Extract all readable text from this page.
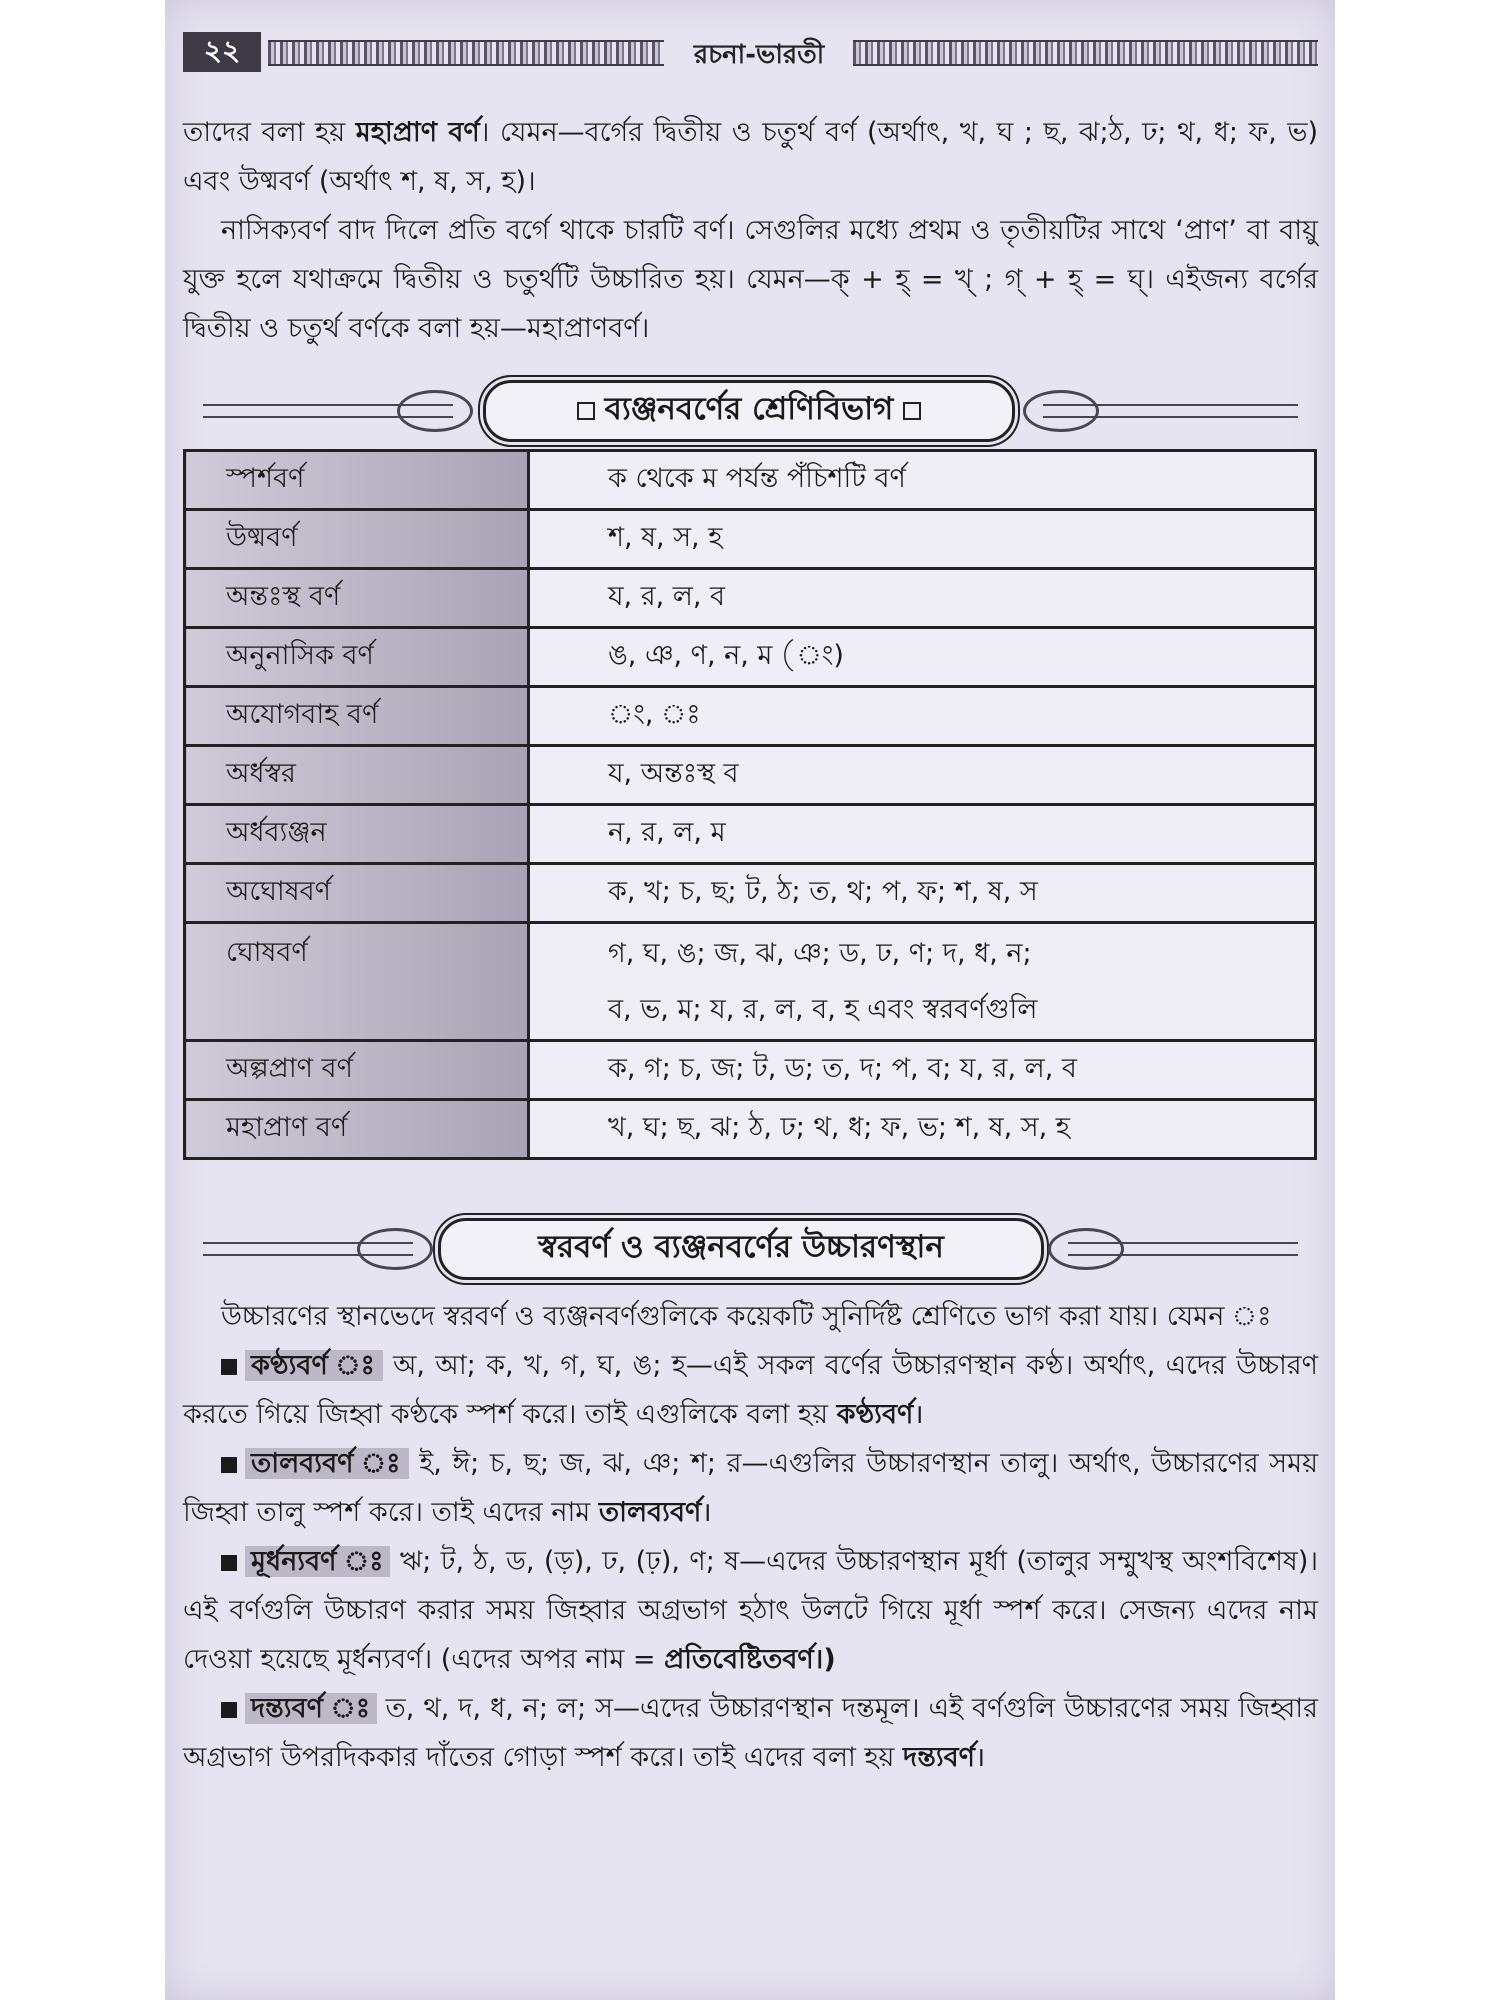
২২	রচনা-ভারতী

তাদের বলা হয় মহাপ্রাণ বর্ণ। যেমন—বর্গের দ্বিতীয় ও চতুর্থ বর্ণ (অর্থাৎ, খ, ঘ ; ছ, ঝ;ঠ, ঢ; থ, ধ; ফ, ভ) এবং উষ্মবর্ণ (অর্থাৎ শ, ষ, স, হ)।

নাসিক্যবর্ণ বাদ দিলে প্রতি বর্গে থাকে চারটি বর্ণ। সেগুলির মধ্যে প্রথম ও তৃতীয়টির সাথে ‘প্রাণ’ বা বায়ু যুক্ত হলে যথাক্রমে দ্বিতীয় ও চতুর্থটি উচ্চারিত হয়। যেমন—ক্ + হ্ = খ্ ; গ্ + হ্ = ঘ্। এইজন্য বর্গের দ্বিতীয় ও চতুর্থ বর্ণকে বলা হয়—মহাপ্রাণবর্ণ।

ব্যঞ্জনবর্ণের শ্রেণিবিভাগ
স্পর্শবর্ণ	ক থেকে ম পর্যন্ত পঁচিশটি বর্ণ
উষ্মবর্ণ	শ, ষ, স, হ
অন্তঃস্থ বর্ণ	য, র, ল, ব
অনুনাসিক বর্ণ	ঙ, ঞ, ণ, ন, ম (ং)
অযোগবাহ বর্ণ	ং, ঃ
অর্ধস্বর	য, অন্তঃস্থ ব
অর্ধব্যঞ্জন	ন, র, ল, ম
অঘোষবর্ণ	ক, খ; চ, ছ; ট, ঠ; ত, থ; প, ফ; শ, ষ, স
ঘোষবর্ণ	গ, ঘ, ঙ; জ, ঝ, ঞ; ড, ঢ, ণ; দ, ধ, ন;
ব, ভ, ম; য, র, ল, ব, হ এবং স্বরবর্ণগুলি

অল্পপ্রাণ বর্ণ	ক, গ; চ, জ; ট, ড; ত, দ; প, ব; য, র, ল, ব
মহাপ্রাণ বর্ণ	খ, ঘ; ছ, ঝ; ঠ, ঢ; থ, ধ; ফ, ভ; শ, ষ, স, হ
স্বরবর্ণ ও ব্যঞ্জনবর্ণের উচ্চারণস্থান

উচ্চারণের স্থানভেদে স্বরবর্ণ ও ব্যঞ্জনবর্ণগুলিকে কয়েকটি সুনির্দিষ্ট শ্রেণিতে ভাগ করা যায়। যেমন ঃ

কণ্ঠ্যবর্ণ ঃ অ, আ; ক, খ, গ, ঘ, ঙ; হ—এই সকল বর্ণের উচ্চারণস্থান কণ্ঠ। অর্থাৎ, এদের উচ্চারণ করতে গিয়ে জিহ্বা কণ্ঠকে স্পর্শ করে। তাই এগুলিকে বলা হয় কণ্ঠ্যবর্ণ।

তালব্যবর্ণ ঃ ই, ঈ; চ, ছ; জ, ঝ, ঞ; শ; র—এগুলির উচ্চারণস্থান তালু। অর্থাৎ, উচ্চারণের সময় জিহ্বা তালু স্পর্শ করে। তাই এদের নাম তালব্যবর্ণ।

মূর্ধন্যবর্ণ ঃ ঋ; ট, ঠ, ড, (ড়), ঢ, (ঢ়), ণ; ষ—এদের উচ্চারণস্থান মূর্ধা (তালুর সম্মুখস্থ অংশবিশেষ)। এই বর্ণগুলি উচ্চারণ করার সময় জিহ্বার অগ্রভাগ হঠাৎ উলটে গিয়ে মূর্ধা স্পর্শ করে। সেজন্য এদের নাম দেওয়া হয়েছে মূর্ধন্যবর্ণ। (এদের অপর নাম = প্রতিবেষ্টিতবর্ণ।)

দন্ত্যবর্ণ ঃ ত, থ, দ, ধ, ন; ল; স—এদের উচ্চারণস্থান দন্তমূল। এই বর্ণগুলি উচ্চারণের সময় জিহ্বার অগ্রভাগ উপরদিককার দাঁতের গোড়া স্পর্শ করে। তাই এদের বলা হয় দন্ত্যবর্ণ।
